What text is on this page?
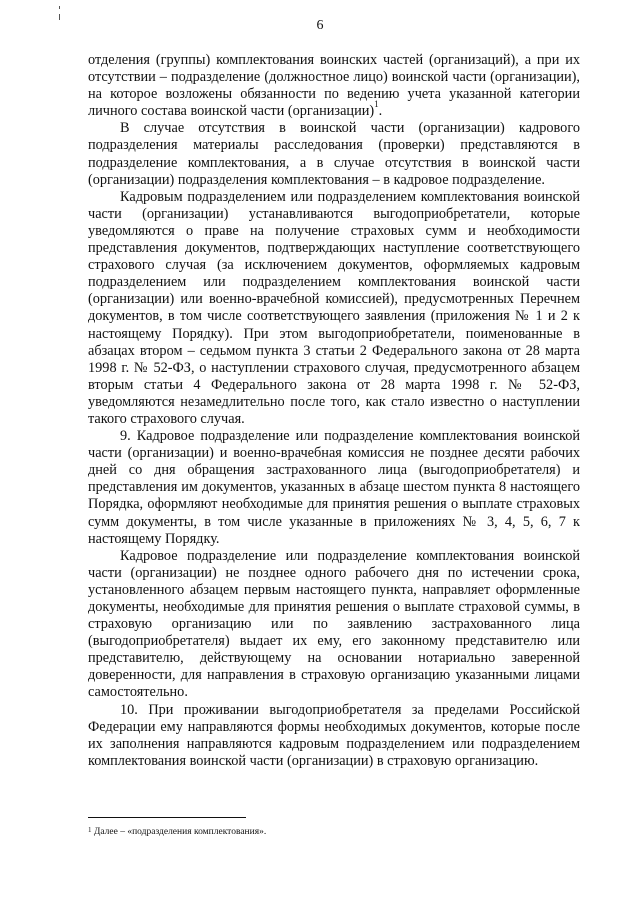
6

отделения (группы) комплектования воинских частей (организаций), а при их отсутствии – подразделение (должностное лицо) воинской части (организации), на которое возложены обязанности по ведению учета указанной категории личного состава воинской части (организации)$^1$.

В случае отсутствия в воинской части (организации) кадрового подразделения материалы расследования (проверки) представляются в подразделение комплектования, а в случае отсутствия в воинской части (организации) подразделения комплектования – в кадровое подразделение.

Кадровым подразделением или подразделением комплектования воинской части (организации) устанавливаются выгодоприобретатели, которые уведомляются о праве на получение страховых сумм и необходимости представления документов, подтверждающих наступление соответствующего страхового случая (за исключением документов, оформляемых кадровым подразделением или подразделением комплектования воинской части (организации) или военно-врачебной комиссией), предусмотренных Перечнем документов, в том числе соответствующего заявления (приложения № 1 и 2 к настоящему Порядку). При этом выгодоприобретатели, поименованные в абзацах втором – седьмом пункта 3 статьи 2 Федерального закона от 28 марта 1998 г. № 52-ФЗ, о наступлении страхового случая, предусмотренного абзацем вторым статьи 4 Федерального закона от 28 марта 1998 г. № 52-ФЗ, уведомляются незамедлительно после того, как стало известно о наступлении такого страхового случая.

9. Кадровое подразделение или подразделение комплектования воинской части (организации) и военно-врачебная комиссия не позднее десяти рабочих дней со дня обращения застрахованного лица (выгодоприобретателя) и представления им документов, указанных в абзаце шестом пункта 8 настоящего Порядка, оформляют необходимые для принятия решения о выплате страховых сумм документы, в том числе указанные в приложениях № 3, 4, 5, 6, 7 к настоящему Порядку.

Кадровое подразделение или подразделение комплектования воинской части (организации) не позднее одного рабочего дня по истечении срока, установленного абзацем первым настоящего пункта, направляет оформленные документы, необходимые для принятия решения о выплате страховой суммы, в страховую организацию или по заявлению застрахованного лица (выгодоприобретателя) выдает их ему, его законному представителю или представителю, действующему на основании нотариально заверенной доверенности, для направления в страховую организацию указанными лицами самостоятельно.

10. При проживании выгодоприобретателя за пределами Российской Федерации ему направляются формы необходимых документов, которые после их заполнения направляются кадровым подразделением или подразделением комплектования воинской части (организации) в страховую организацию.

$^1$ Далее – «подразделения комплектования».
